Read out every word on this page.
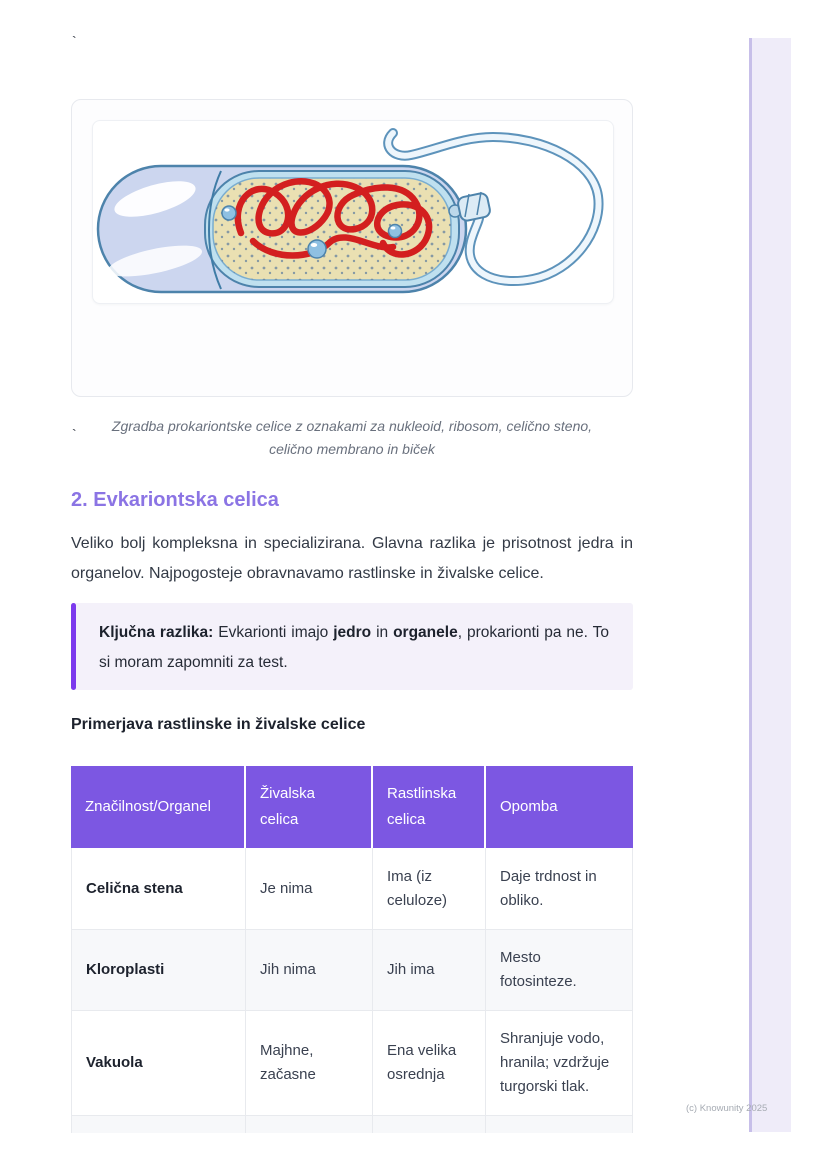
`
Zgradba prokariontske celice z oznakami za nukleoid, ribosom, celično steno, celično membrano in biček
`
2. Evkariontska celica
Veliko bolj kompleksna in specializirana. Glavna razlika je prisotnost jedra in organelov. Najpogosteje obravnavamo rastlinske in živalske celice.
Ključna razlika: Evkarionti imajo jedro in organele, prokarionti pa ne. To si moram zapomniti za test.
Primerjava rastlinske in živalske celice
Značilnost/Organel	Živalska celica	Rastlinska celica	Opomba
Celična stena	Je nima	Ima (iz celuloze)	Daje trdnost in obliko.
Kloroplasti	Jih nima	Jih ima	Mesto fotosinteze.
Vakuola	Majhne, začasne	Ena velika osrednja	Shranjuje vodo, hranila; vzdržuje turgorski tlak.

(c) Knowunity 2025
